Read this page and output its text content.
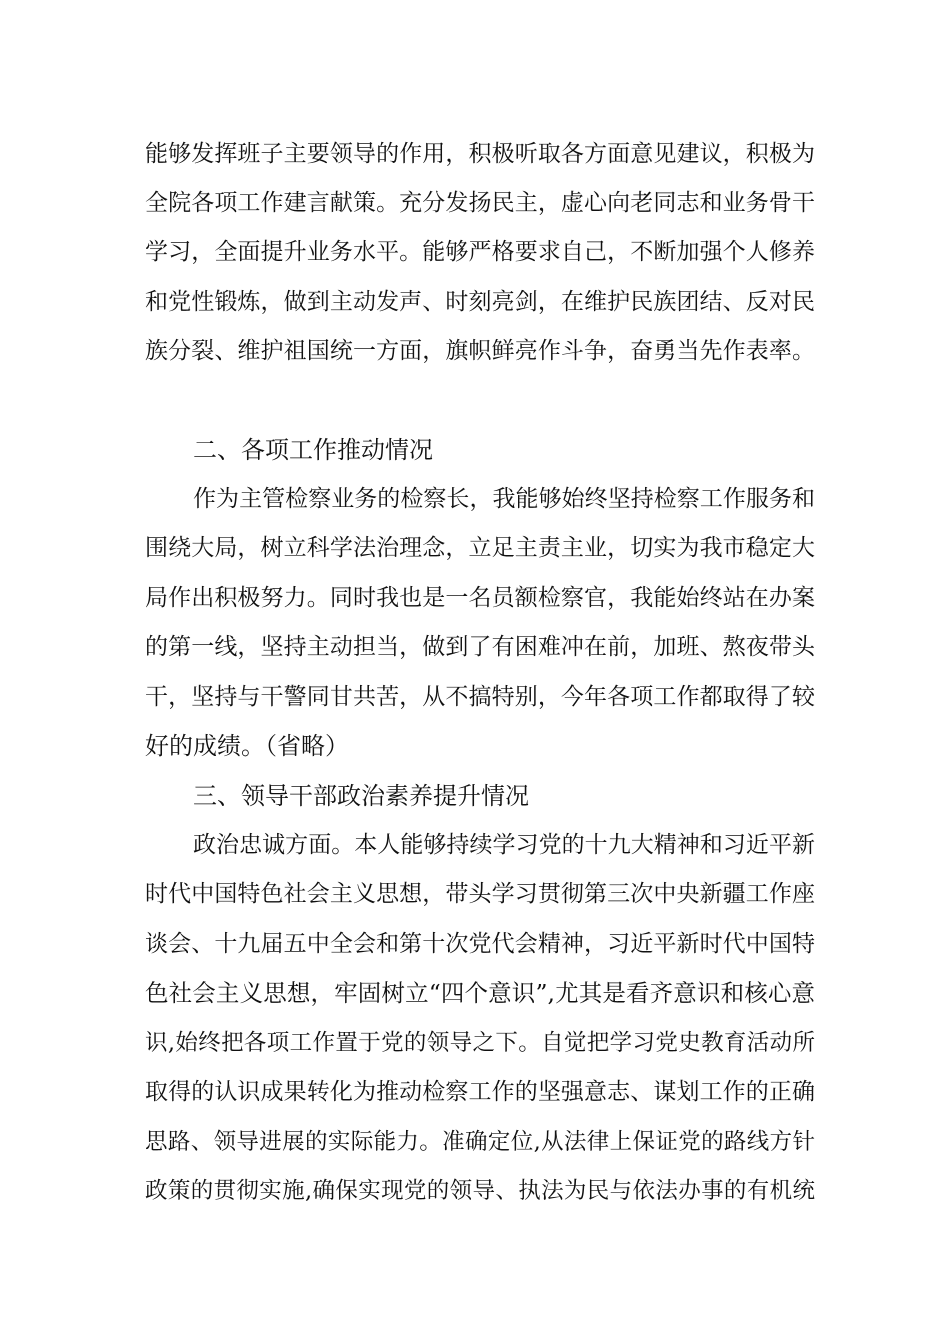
能够发挥班子主要领导的作用，积极听取各方面意见建议，积极为
全院各项工作建言献策。充分发扬民主，虚心向老同志和业务骨干
学习，全面提升业务水平。能够严格要求自己，不断加强个人修养
和党性锻炼，做到主动发声、时刻亮剑，在维护民族团结、反对民
族分裂、维护祖国统一方面，旗帜鲜亮作斗争，奋勇当先作表率。
二、各项工作推动情况
作为主管检察业务的检察长，我能够始终坚持检察工作服务和
围绕大局，树立科学法治理念，立足主责主业，切实为我市稳定大
局作出积极努力。同时我也是一名员额检察官，我能始终站在办案
的第一线，坚持主动担当，做到了有困难冲在前，加班、熬夜带头
干，坚持与干警同甘共苦，从不搞特别，今年各项工作都取得了较
好的成绩。（省略）
三、领导干部政治素养提升情况
政治忠诚方面。本人能够持续学习党的十九大精神和习近平新
时代中国特色社会主义思想，带头学习贯彻第三次中央新疆工作座
谈会、十九届五中全会和第十次党代会精神，习近平新时代中国特
色社会主义思想，牢固树立“四个意识”,尤其是看齐意识和核心意
识,始终把各项工作置于党的领导之下。自觉把学习党史教育活动所
取得的认识成果转化为推动检察工作的坚强意志、谋划工作的正确
思路、领导进展的实际能力。准确定位,从法律上保证党的路线方针
政策的贯彻实施,确保实现党的领导、执法为民与依法办事的有机统
